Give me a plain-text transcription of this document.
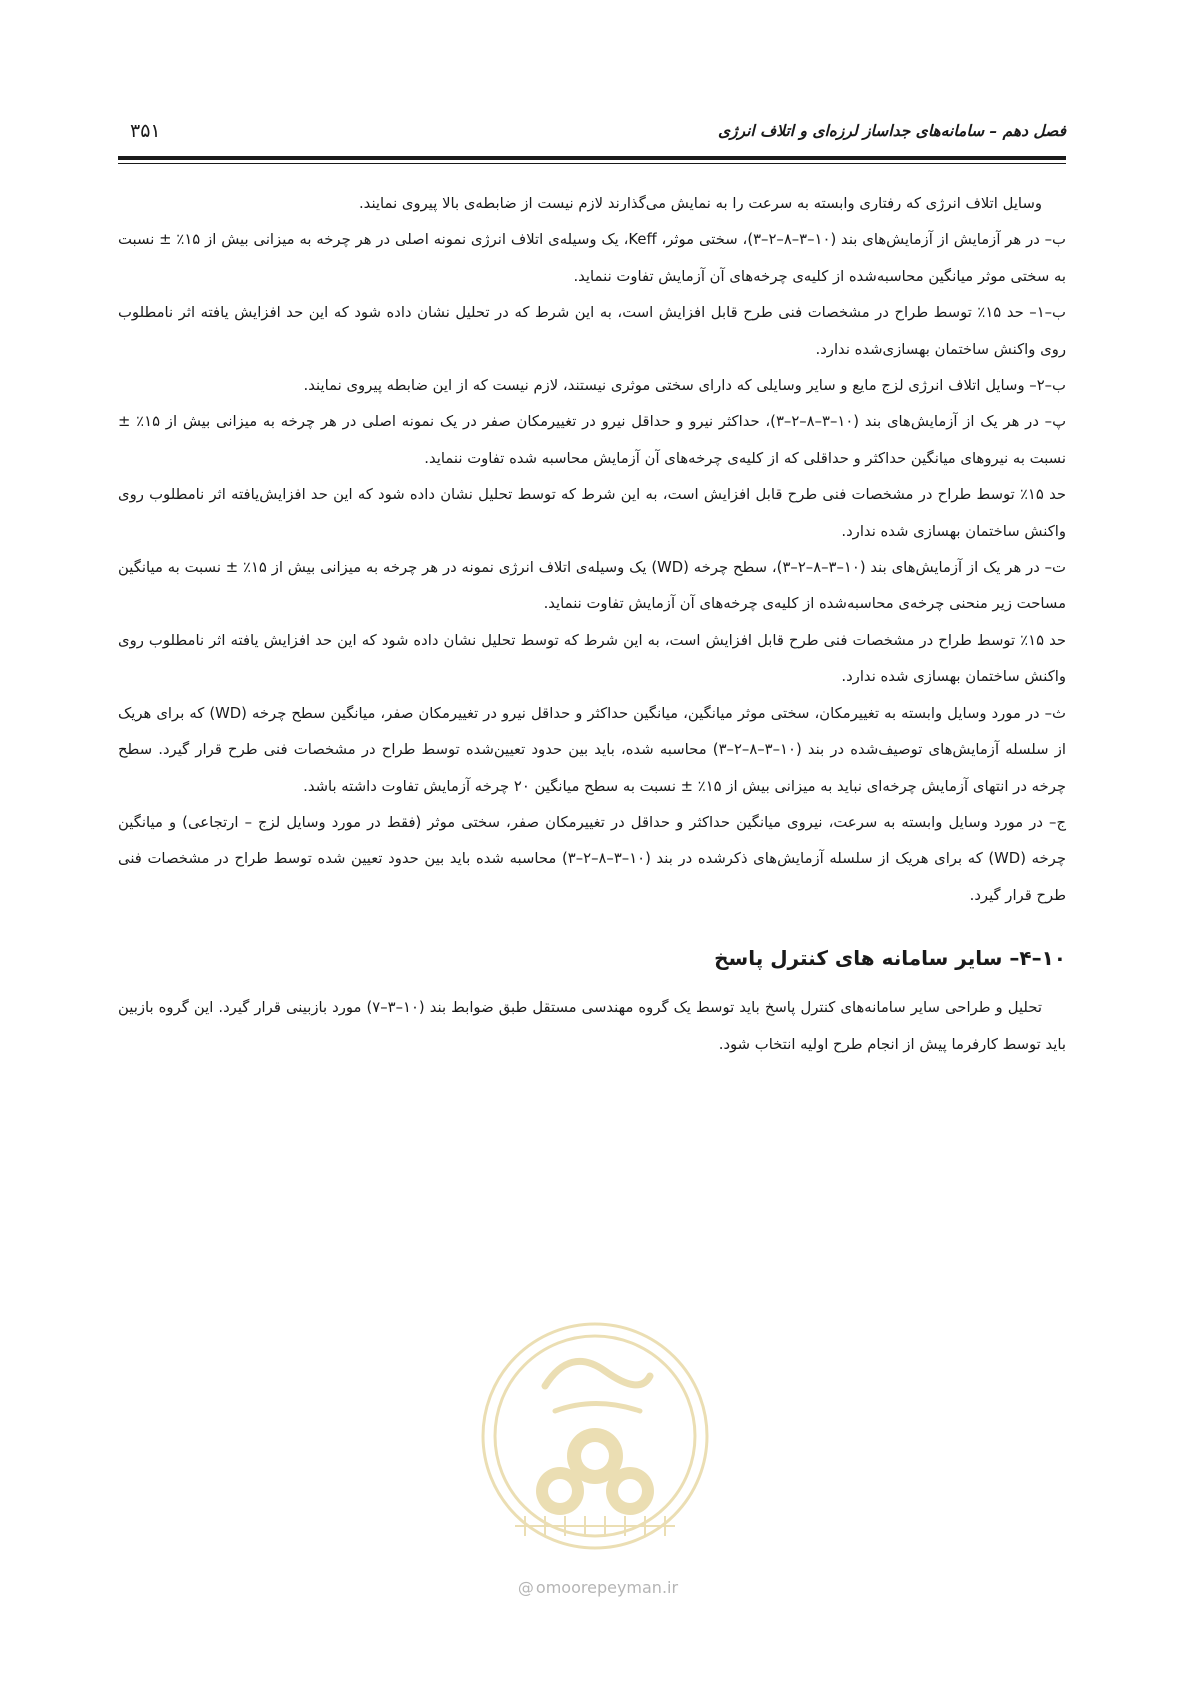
فصل دهم – سامانه‌های جداساز لرزه‌ای و اتلاف انرژی
۳۵۱

وسایل اتلاف انرژی که رفتاری وابسته به سرعت را به نمایش می‌گذارند لازم نیست از ضابطه‌ی بالا پیروی نمایند.

ب– در هر آزمایش از آزمایش‌های بند (۱۰–۳–۸–۲–۳)، سختی موثر، Keff، یک وسیله‌ی اتلاف انرژی نمونه اصلی در هر چرخه به میزانی بیش از ۱۵٪ ± نسبت به سختی موثر میانگین محاسبه‌شده از کلیه‌ی چرخه‌های آن آزمایش تفاوت ننماید.

ب–۱– حد ۱۵٪ توسط طراح در مشخصات فنی طرح قابل افزایش است، به این شرط که در تحلیل نشان داده شود که این حد افزایش یافته اثر نامطلوب روی واکنش ساختمان بهسازی‌شده ندارد.

ب–۲– وسایل اتلاف انرژی لزج مایع و سایر وسایلی که دارای سختی موثری نیستند، لازم نیست که از این ضابطه پیروی نمایند.

پ– در هر یک از آزمایش‌های بند (۱۰–۳–۸–۲–۳)، حداکثر نیرو و حداقل نیرو در تغییرمکان صفر در یک نمونه اصلی در هر چرخه به میزانی بیش از ۱۵٪ ± نسبت به نیروهای میانگین حداکثر و حداقلی که از کلیه‌ی چرخه‌های آن آزمایش محاسبه شده تفاوت ننماید.

حد ۱۵٪ توسط طراح در مشخصات فنی طرح قابل افزایش است، به این شرط که توسط تحلیل نشان داده شود که این حد افزایش‌یافته اثر نامطلوب روی واکنش ساختمان بهسازی شده ندارد.

ت– در هر یک از آزمایش‌های بند (۱۰–۳–۸–۲–۳)، سطح چرخه (WD) یک وسیله‌ی اتلاف انرژی نمونه در هر چرخه به میزانی بیش از ۱۵٪ ± نسبت به میانگین مساحت زیر منحنی چرخه‌ی محاسبه‌شده از کلیه‌ی چرخه‌های آن آزمایش تفاوت ننماید.

حد ۱۵٪ توسط طراح در مشخصات فنی طرح قابل افزایش است، به این شرط که توسط تحلیل نشان داده شود که این حد افزایش یافته اثر نامطلوب روی واکنش ساختمان بهسازی شده ندارد.

ث– در مورد وسایل وابسته به تغییرمکان، سختی موثر میانگین، میانگین حداکثر و حداقل نیرو در تغییرمکان صفر، میانگین سطح چرخه (WD) که برای هریک از سلسله آزمایش‌های توصیف‌شده در بند (۱۰–۳–۸–۲–۳) محاسبه شده، باید بین حدود تعیین‌شده توسط طراح در مشخصات فنی طرح قرار گیرد. سطح چرخه در انتهای آزمایش چرخه‌ای نباید به میزانی بیش از ۱۵٪ ± نسبت به سطح میانگین ۲۰ چرخه آزمایش تفاوت داشته باشد.

ج– در مورد وسایل وابسته به سرعت، نیروی میانگین حداکثر و حداقل در تغییرمکان صفر، سختی موثر (فقط در مورد وسایل لزج – ارتجاعی) و میانگین چرخه (WD) که برای هریک از سلسله آزمایش‌های ذکرشده در بند (۱۰–۳–۸–۲–۳) محاسبه شده باید بین حدود تعیین شده توسط طراح در مشخصات فنی طرح قرار گیرد.

۱۰–۴– سایر سامانه های کنترل پاسخ

تحلیل و طراحی سایر سامانه‌های کنترل پاسخ باید توسط یک گروه مهندسی مستقل طبق ضوابط بند (۱۰–۳–۷) مورد بازبینی قرار گیرد. این گروه بازبین باید توسط کارفرما پیش از انجام طرح اولیه انتخاب شود.

@ omoorepeyman.ir
